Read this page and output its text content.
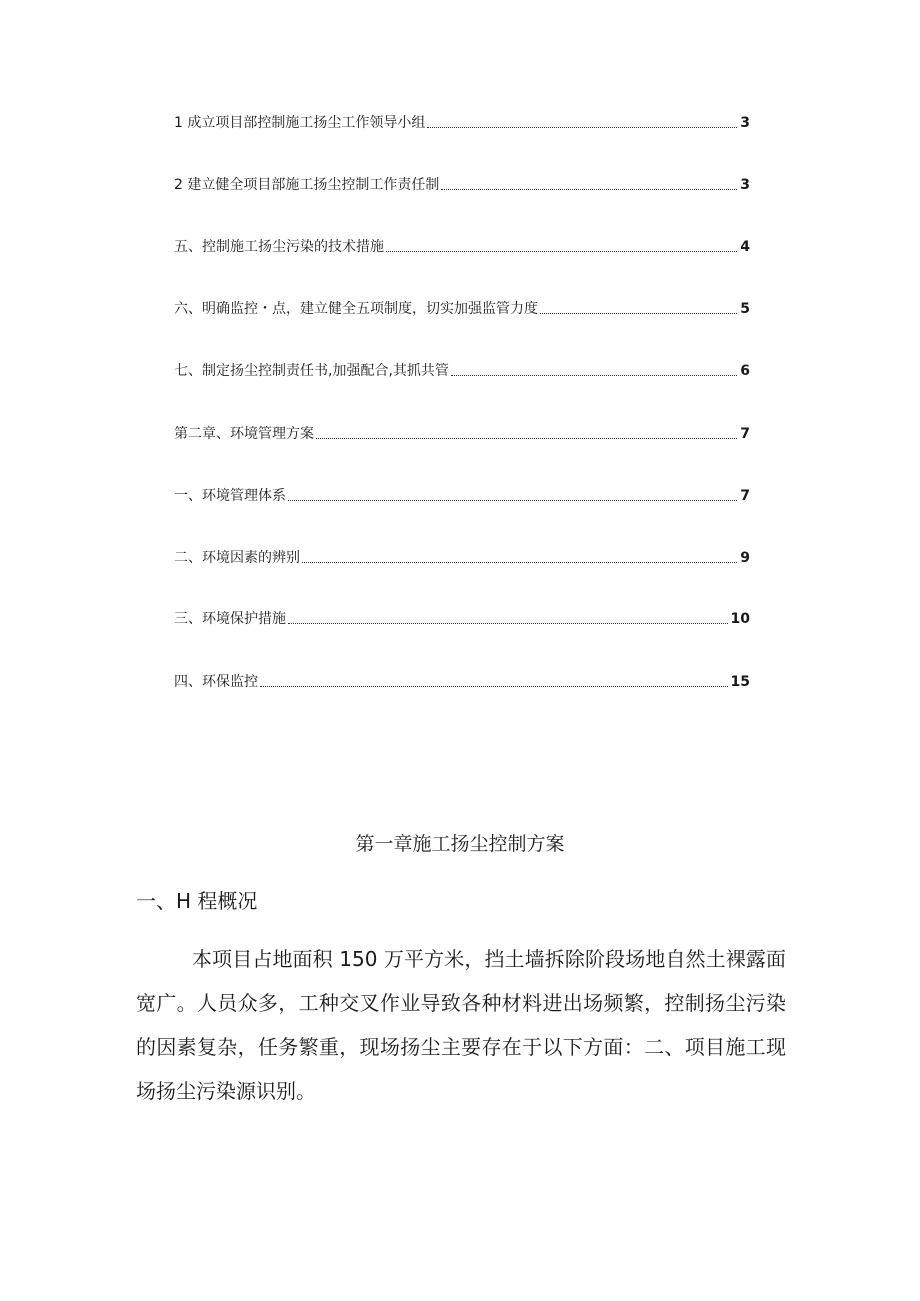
1 成立项目部控制施工扬尘工作领导小组	3
2 建立健全项目部施工扬尘控制工作责任制	3
五、控制施工扬尘污染的技术措施	4
六、明确监控・点，建立健全五项制度，切实加强监管力度	5
七、制定扬尘控制责任书,加强配合,其抓共管	6
第二章、环境管理方案	7
一、环境管理体系	7
二、环境因素的辨别	9
三、环境保护措施	10
四、环保监控	15
第一章施工扬尘控制方案
一、H 程概况

本项目占地面积 150 万平方米，挡土墙拆除阶段场地自然土裸露面宽广。人员众多，工种交叉作业导致各种材料进出场频繁，控制扬尘污染的因素复杂，任务繁重，现场扬尘主要存在于以下方面：二、项目施工现场扬尘污染源识别。
